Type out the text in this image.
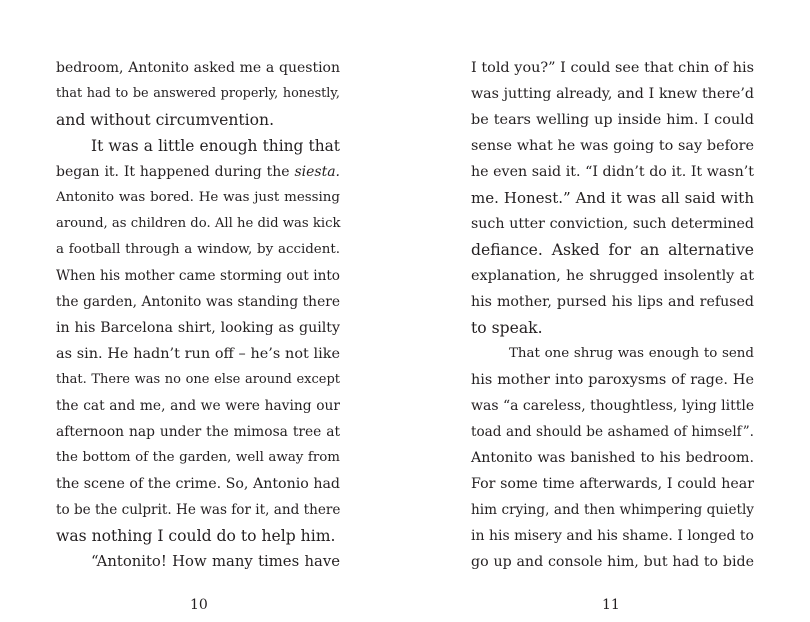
bedroom, Antonito asked me a question
that had to be answered properly, honestly,
and without circumvention.
It was a little enough thing that
began it. It happened during the siesta.
Antonito was bored. He was just messing
around, as children do. All he did was kick
a football through a window, by accident.
When his mother came storming out into
the garden, Antonito was standing there
in his Barcelona shirt, looking as guilty
as sin. He hadn’t run off – he’s not like
that. There was no one else around except
the cat and me, and we were having our
afternoon nap under the mimosa tree at
the bottom of the garden, well away from
the scene of the crime. So, Antonio had
to be the culprit. He was for it, and there
was nothing I could do to help him.
“Antonito! How many times have
10
I told you?” I could see that chin of his
was jutting already, and I knew there’d
be tears welling up inside him. I could
sense what he was going to say before
he even said it. “I didn’t do it. It wasn’t
me. Honest.” And it was all said with
such utter conviction, such determined
defiance. Asked for an alternative
explanation, he shrugged insolently at
his mother, pursed his lips and refused
to speak.
That one shrug was enough to send
his mother into paroxysms of rage. He
was “a careless, thoughtless, lying little
toad and should be ashamed of himself”.
Antonito was banished to his bedroom.
For some time afterwards, I could hear
him crying, and then whimpering quietly
in his misery and his shame. I longed to
go up and console him, but had to bide
11
